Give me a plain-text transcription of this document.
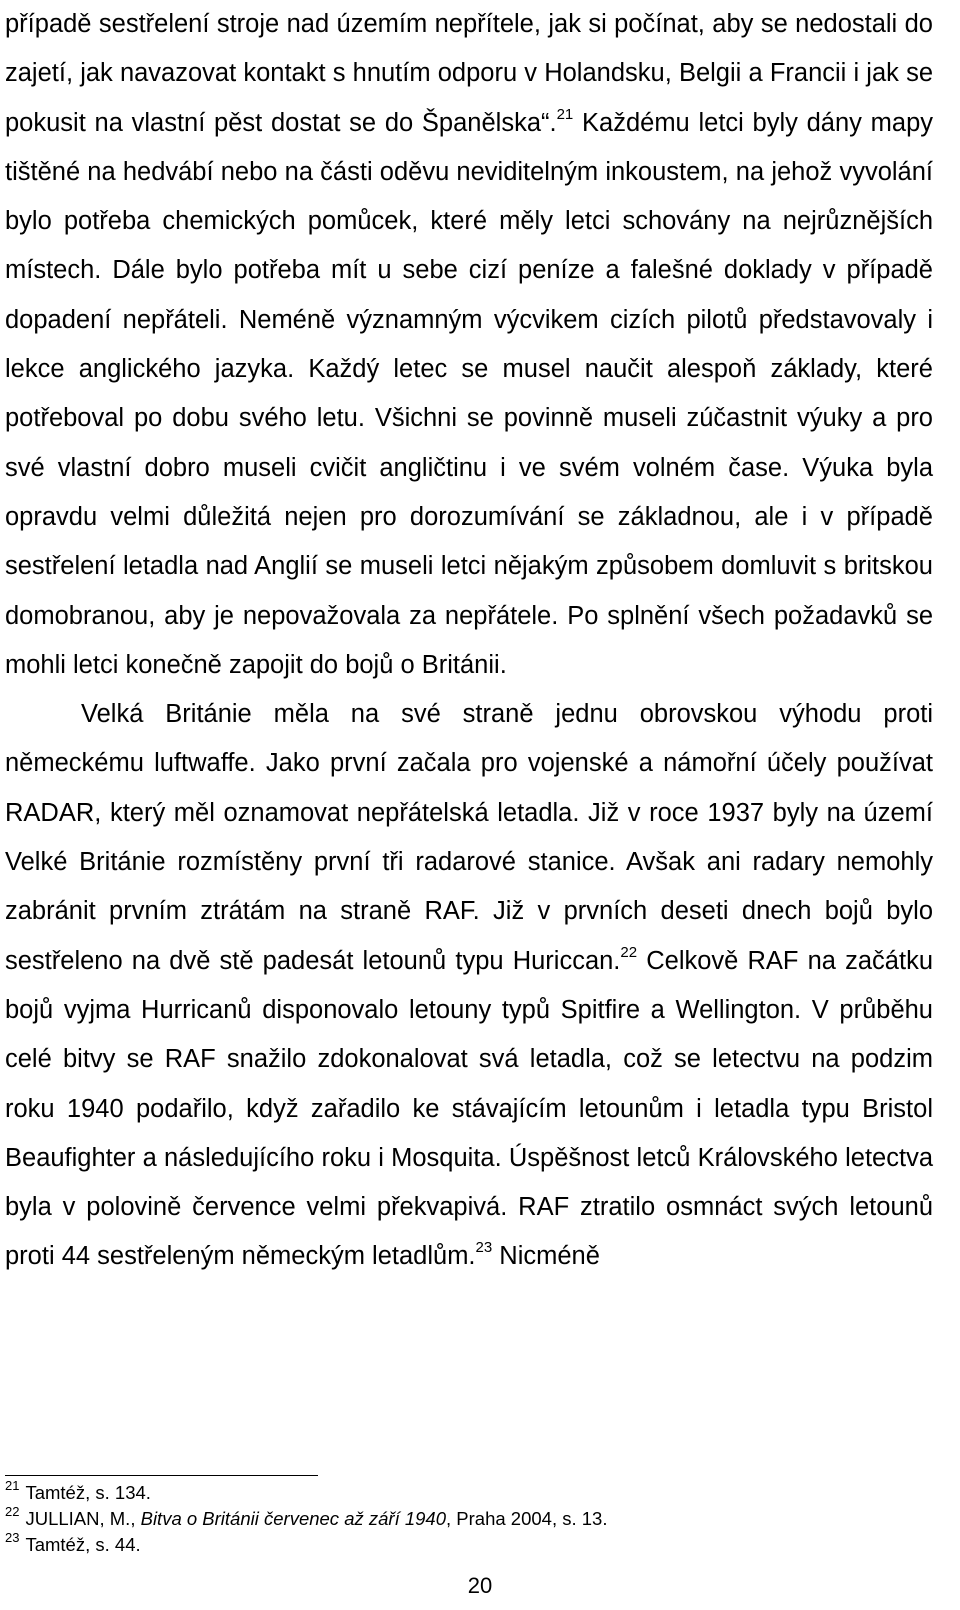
případě sestřelení stroje nad územím nepřítele, jak si počínat, aby se nedostali do zajetí, jak navazovat kontakt s hnutím odporu v Holandsku, Belgii a Francii i jak se pokusit na vlastní pěst dostat se do Španělska“.$^{21}$ Každému letci byly dány mapy tištěné na hedvábí nebo na části oděvu neviditelným inkoustem, na jehož vyvolání bylo potřeba chemických pomůcek, které měly letci schovány na nejrůznějších místech. Dále bylo potřeba mít u sebe cizí peníze a falešné doklady v případě dopadení nepřáteli. Neméně významným výcvikem cizích pilotů představovaly i lekce anglického jazyka. Každý letec se musel naučit alespoň základy, které potřeboval po dobu svého letu. Všichni se povinně museli zúčastnit výuky a pro své vlastní dobro museli cvičit angličtinu i ve svém volném čase. Výuka byla opravdu velmi důležitá nejen pro dorozumívání se základnou, ale i v případě sestřelení letadla nad Anglií se museli letci nějakým způsobem domluvit s britskou domobranou, aby je nepovažovala za nepřátele. Po splnění všech požadavků se mohli letci konečně zapojit do bojů o Británii.

Velká Británie měla na své straně jednu obrovskou výhodu proti německému luftwaffe. Jako první začala pro vojenské a námořní účely používat RADAR, který měl oznamovat nepřátelská letadla. Již v roce 1937 byly na území Velké Británie rozmístěny první tři radarové stanice. Avšak ani radary nemohly zabránit prvním ztrátám na straně RAF. Již v prvních deseti dnech bojů bylo sestřeleno na dvě stě padesát letounů typu Huriccan.$^{22}$ Celkově RAF na začátku bojů vyjma Hurricanů disponovalo letouny typů Spitfire a Wellington. V průběhu celé bitvy se RAF snažilo zdokonalovat svá letadla, což se letectvu na podzim roku 1940 podařilo, když zařadilo ke stávajícím letounům i letadla typu Bristol Beaufighter a následujícího roku i Mosquita. Úspěšnost letců Královského letectva byla v polovině července velmi překvapivá. RAF ztratilo osmnáct svých letounů proti 44 sestřeleným německým letadlům.$^{23}$ Nicméně

$^{21}$ Tamtéž, s. 134.
$^{22}$ JULLIAN, M., Bitva o Británii červenec až září 1940, Praha 2004, s. 13.
$^{23}$ Tamtéž, s. 44.
20
